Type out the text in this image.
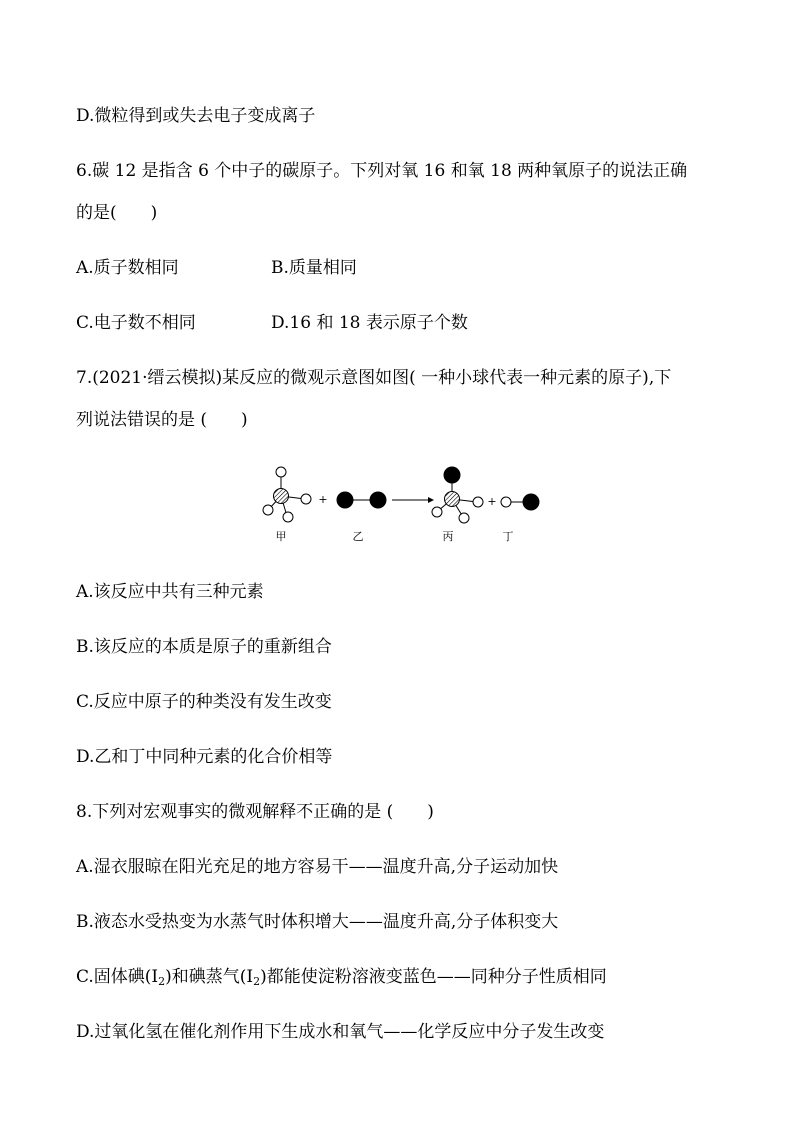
D.微粒得到或失去电子变成离子
6.碳 12 是指含 6 个中子的碳原子。下列对氧 16 和氧 18 两种氧原子的说法正确
的是(　　)
A.质子数相同	B.质量相同
C.电子数不相同	D.16 和 18 表示原子个数
7.(2021·缙云模拟)某反应的微观示意图如图( 一种小球代表一种元素的原子),下
列说法错误的是 (　　)
+	+
甲	乙	丙	丁
A.该反应中共有三种元素
B.该反应的本质是原子的重新组合
C.反应中原子的种类没有发生改变
D.乙和丁中同种元素的化合价相等
8.下列对宏观事实的微观解释不正确的是 (　　)
A.湿衣服晾在阳光充足的地方容易干——温度升高,分子运动加快
B.液态水受热变为水蒸气时体积增大——温度升高,分子体积变大
C.固体碘$(I_2)$和碘蒸气$(I_2)$都能使淀粉溶液变蓝色——同种分子性质相同
D.过氧化氢在催化剂作用下生成水和氧气——化学反应中分子发生改变
